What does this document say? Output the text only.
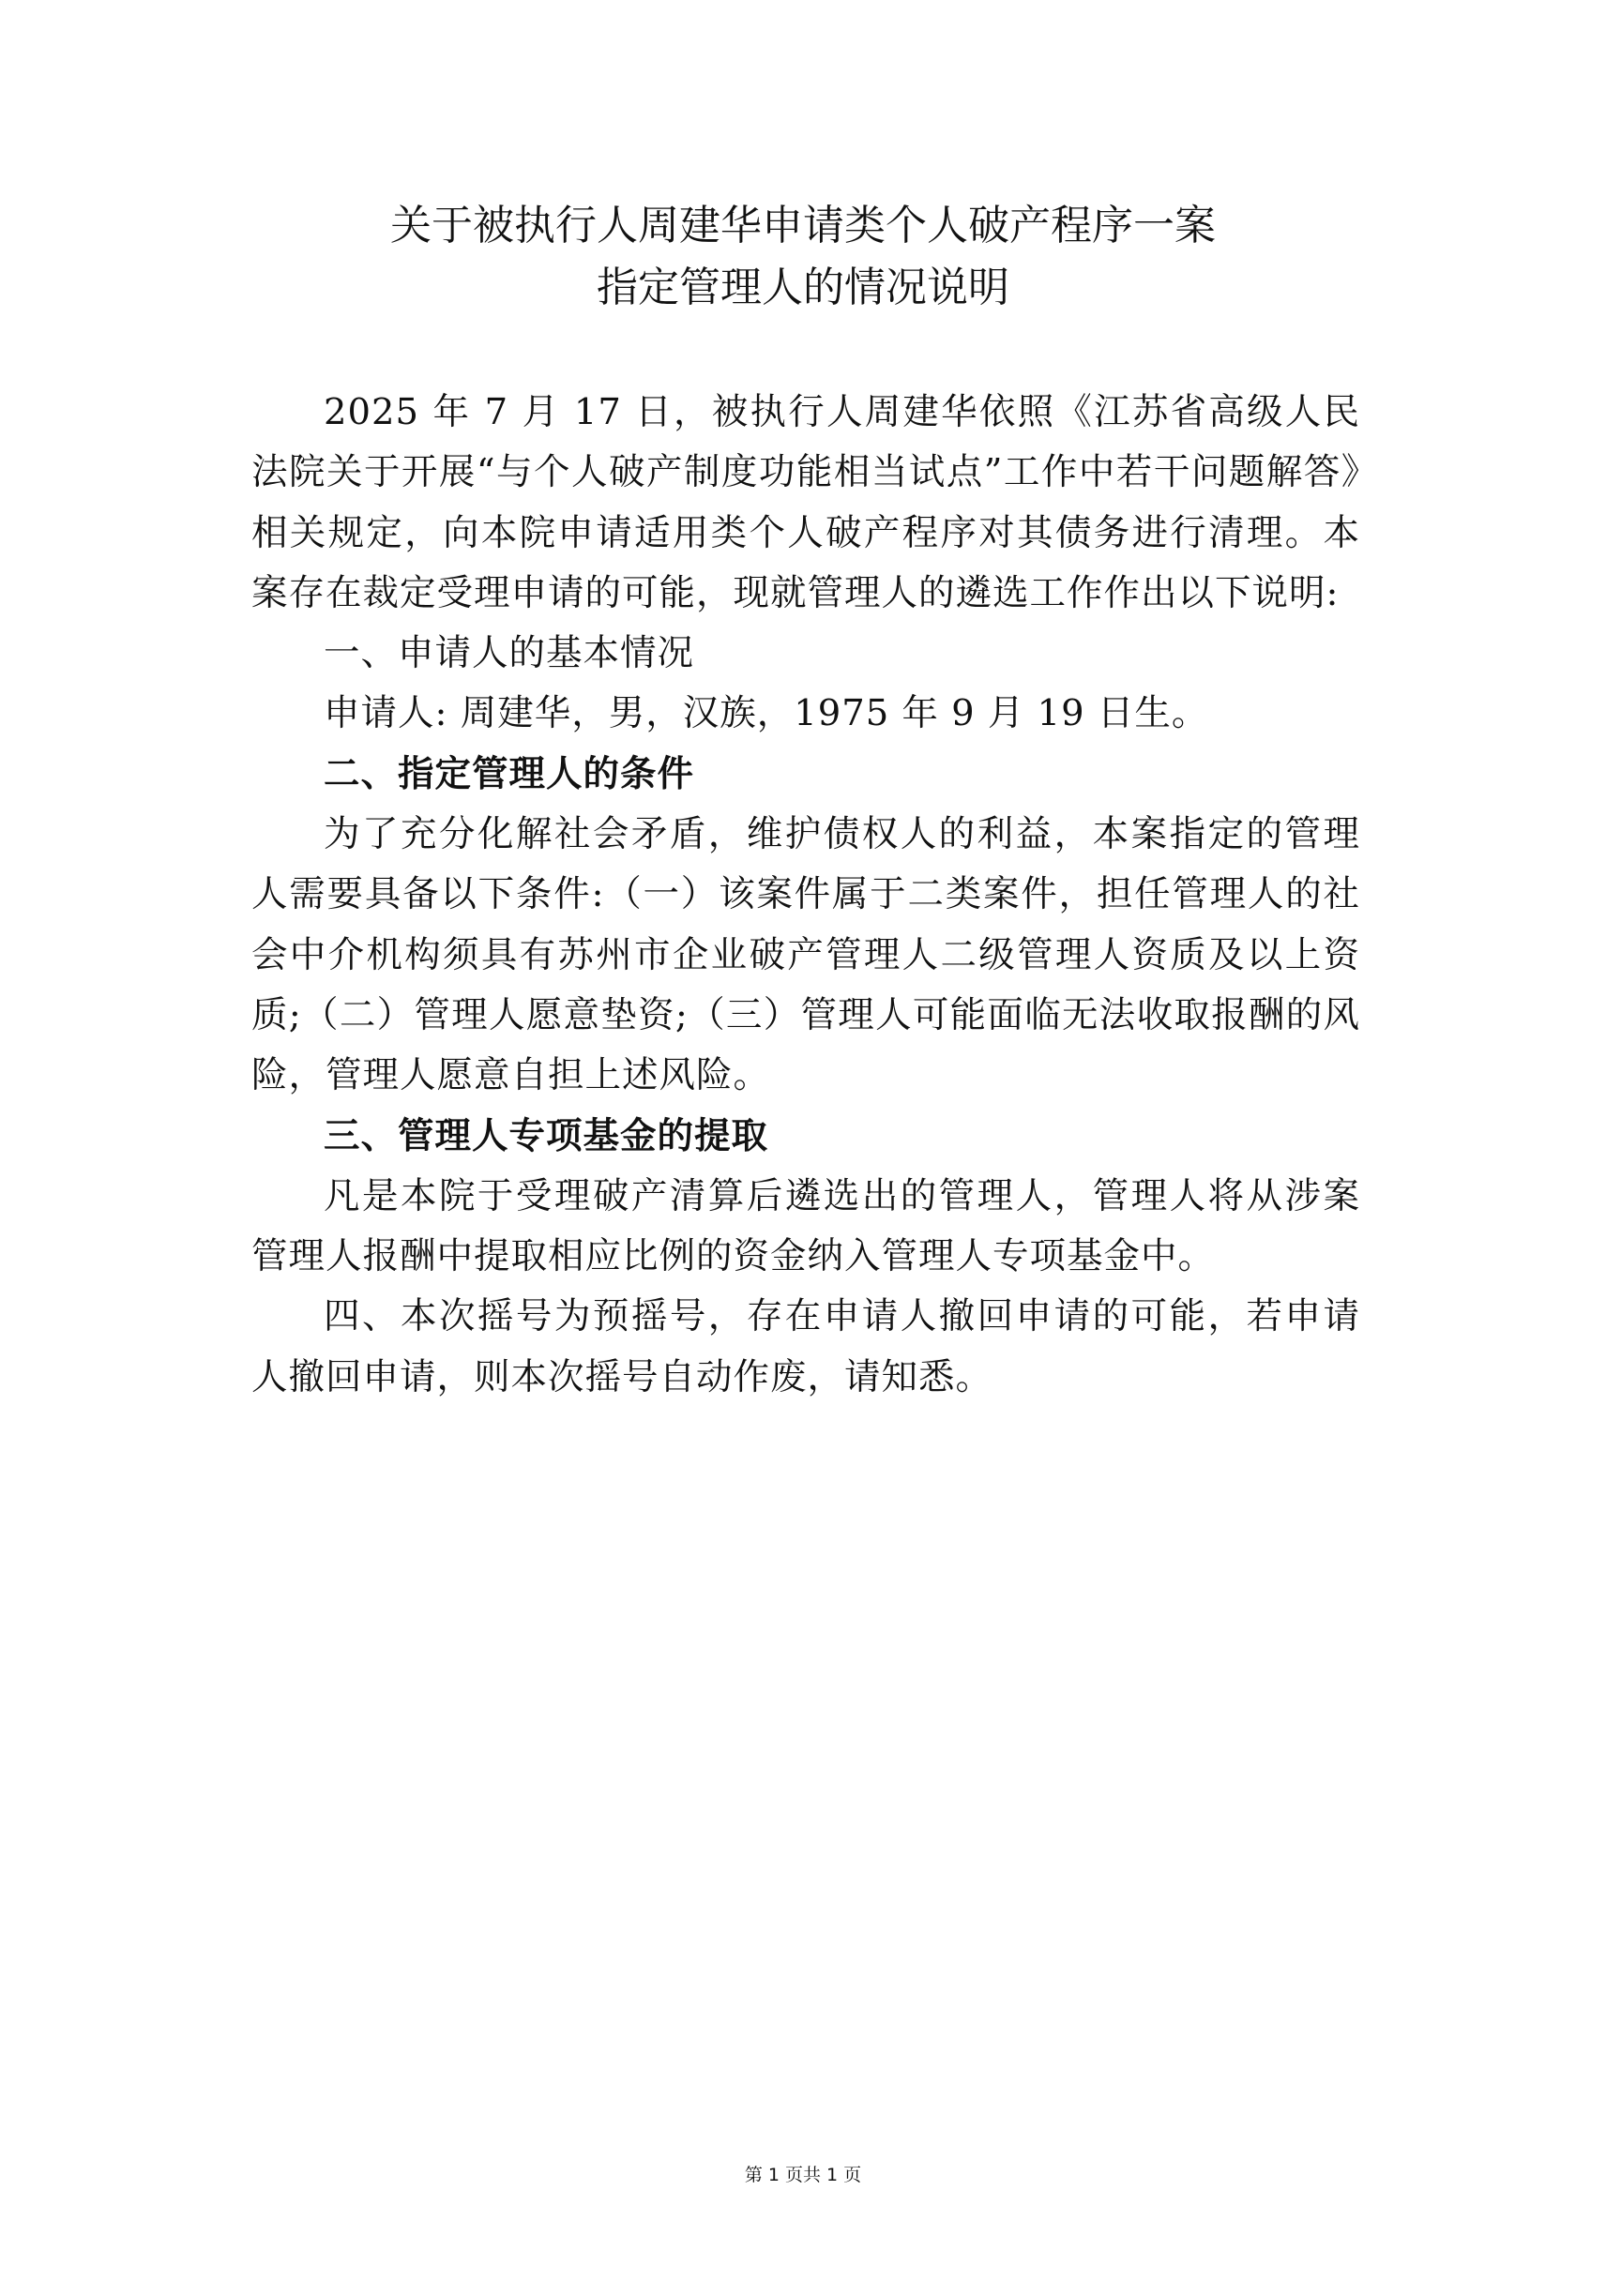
关于被执行人周建华申请类个人破产程序一案
指定管理人的情况说明

2025 年 7 月 17 日，被执行人周建华依照《江苏省高级人民法院关于开展“与个人破产制度功能相当试点”工作中若干问题解答》相关规定，向本院申请适用类个人破产程序对其债务进行清理。本案存在裁定受理申请的可能，现就管理人的遴选工作作出以下说明:

一、申请人的基本情况

申请人: 周建华，男，汉族，1975 年 9 月 19 日生。

二、指定管理人的条件

为了充分化解社会矛盾，维护债权人的利益，本案指定的管理人需要具备以下条件:（一）该案件属于二类案件，担任管理人的社会中介机构须具有苏州市企业破产管理人二级管理人资质及以上资质;（二）管理人愿意垫资;（三）管理人可能面临无法收取报酬的风险，管理人愿意自担上述风险。

三、管理人专项基金的提取

凡是本院于受理破产清算后遴选出的管理人，管理人将从涉案管理人报酬中提取相应比例的资金纳入管理人专项基金中。

四、本次摇号为预摇号，存在申请人撤回申请的可能，若申请人撤回申请，则本次摇号自动作废，请知悉。

第 1 页共 1 页
